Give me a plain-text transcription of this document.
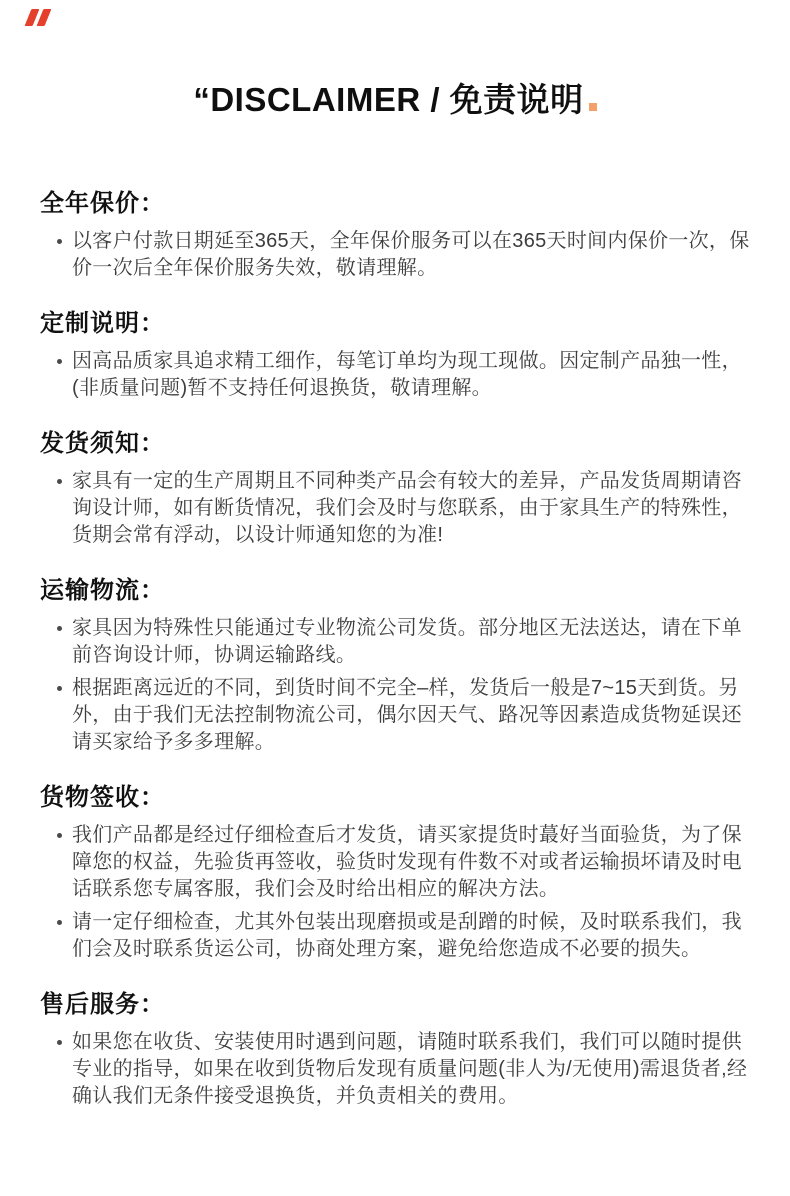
“DISCLAIMER / 免责说明
全年保价：
以客户付款日期延至365天，全年保价服务可以在365天时间内保价一次，保价一次后全年保价服务失效，敬请理解。
定制说明：
因高品质家具追求精工细作，每笔订单均为现工现做。因定制产品独一性，(非质量问题)暂不支持任何退换货，敬请理解。
发货须知：
家具有一定的生产周期且不同种类产品会有较大的差异，产品发货周期请咨询设计师，如有断货情况，我们会及时与您联系，由于家具生产的特殊性，货期会常有浮动，以设计师通知您的为准!
运输物流：
家具因为特殊性只能通过专业物流公司发货。部分地区无法送达，请在下单前咨询设计师，协调运输路线。
根据距离远近的不同，到货时间不完全–样，发货后一般是7~15天到货。另外，由于我们无法控制物流公司，偶尔因天气、路况等因素造成货物延误还请买家给予多多理解。
货物签收：
我们产品都是经过仔细检查后才发货，请买家提货时蕞好当面验货，为了保障您的权益，先验货再签收，验货时发现有件数不对或者运输损坏请及时电话联系您专属客服，我们会及时给出相应的解决方法。
请一定仔细检查，尤其外包装出现磨损或是刮蹭的时候，及时联系我们，我们会及时联系货运公司，协商处理方案，避免给您造成不必要的损失。
售后服务：
如果您在收货、安装使用时遇到问题，请随时联系我们，我们可以随时提供专业的指导，如果在收到货物后发现有质量问题(非人为/无使用)需退货者,经确认我们无条件接受退换货，并负责相关的费用。
